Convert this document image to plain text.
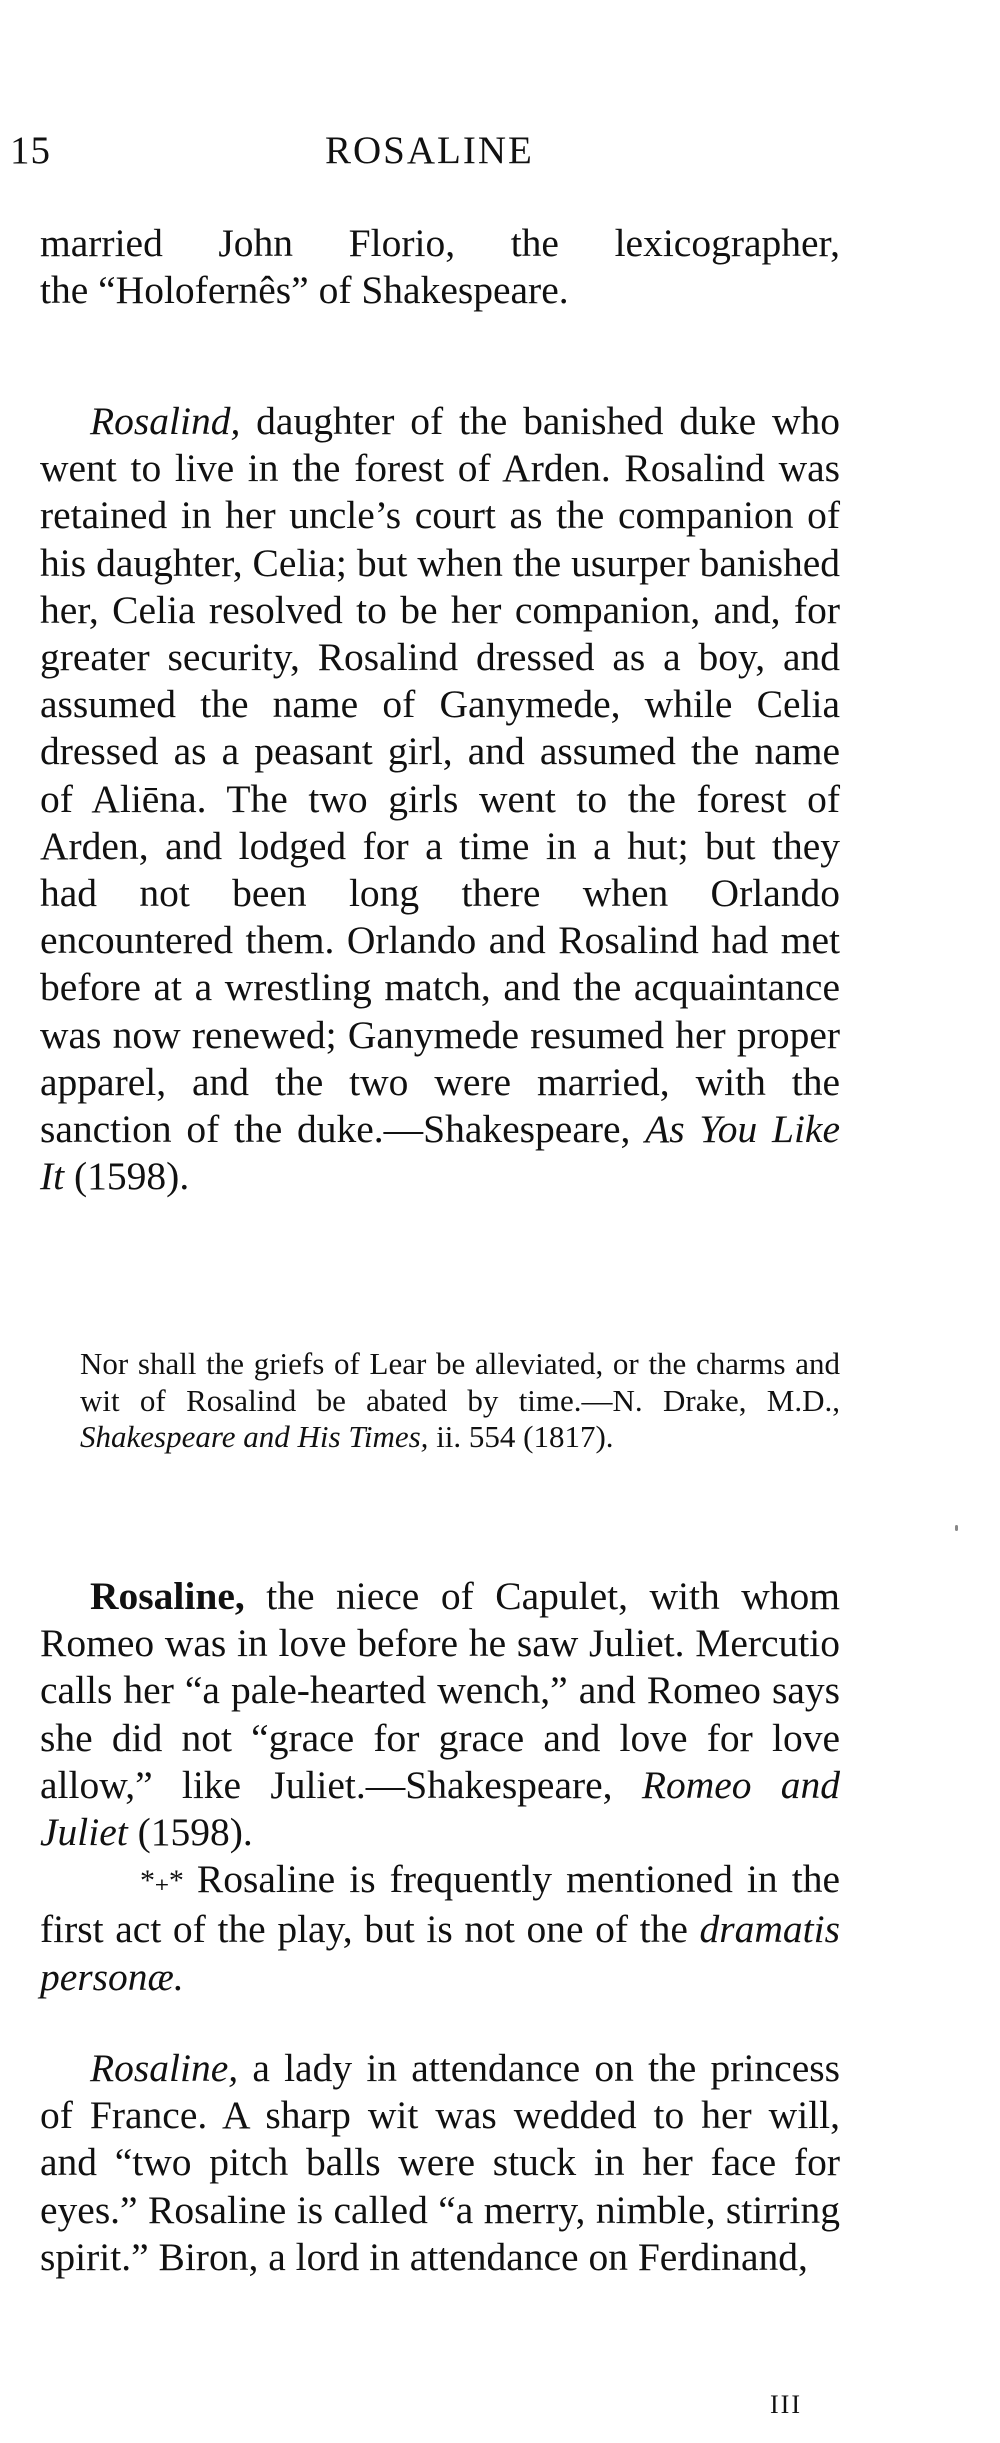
15	ROSALINE

married John Florio, the lexicographer,

the “Holofernês” of Shakespeare.

Rosalind, daughter of the banished duke who went to live in the forest of Arden. Rosalind was retained in her uncle’s court as the companion of his daughter, Celia; but when the usurper banished her, Celia resolved to be her companion, and, for greater security, Rosalind dressed as a boy, and assumed the name of Ganymede, while Celia dressed as a peasant girl, and assumed the name of Aliēna. The two girls went to the forest of Arden, and lodged for a time in a hut; but they had not been long there when Orlando encountered them. Orlando and Rosalind had met before at a wrestling match, and the acquaintance was now renewed; Ganymede resumed her proper apparel, and the two were married, with the sanction of the duke.—Shakespeare, As You Like It (1598).

Nor shall the griefs of Lear be alleviated, or the charms and wit of Rosalind be abated by time.—N. Drake, M.D., Shakespeare and His Times, ii. 554 (1817).

Rosaline, the niece of Capulet, with whom Romeo was in love before he saw Juliet. Mercutio calls her “a pale-hearted wench,” and Romeo says she did not “grace for grace and love for love allow,” like Juliet.—Shakespeare, Romeo and Juliet (1598).

*₊* Rosaline is frequently mentioned in the first act of the play, but is not one of the dramatis personæ.

Rosaline, a lady in attendance on the princess of France. A sharp wit was wedded to her will, and “two pitch balls were stuck in her face for eyes.” Rosaline is called “a merry, nimble, stirring spirit.” Biron, a lord in attendance on Ferdinand,

III
